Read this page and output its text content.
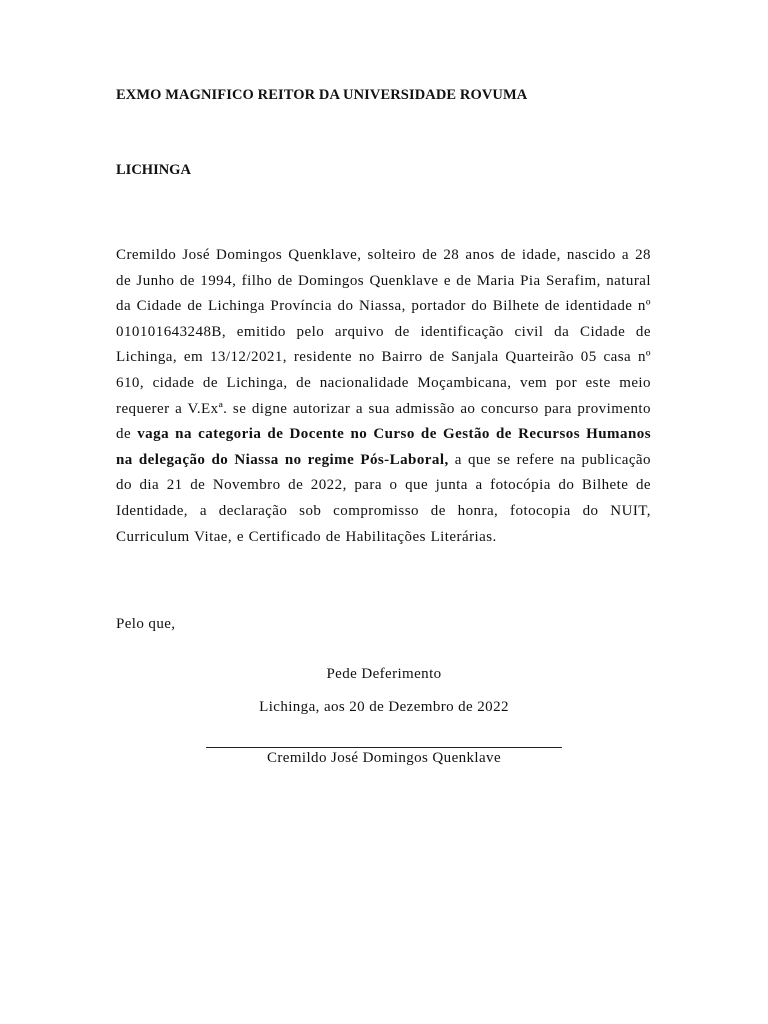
EXMO MAGNIFICO REITOR DA UNIVERSIDADE ROVUMA
LICHINGA

Cremildo José Domingos Quenklave, solteiro de 28 anos de idade, nascido a 28 de Junho de 1994, filho de Domingos Quenklave e de Maria Pia Serafim, natural da Cidade de Lichinga Província do Niassa, portador do Bilhete de identidade nº 010101643248B, emitido pelo arquivo de identificação civil da Cidade de Lichinga, em 13/12/2021, residente no Bairro de Sanjala Quarteirão 05 casa nº 610, cidade de Lichinga, de nacionalidade Moçambicana, vem por este meio requerer a V.Exª. se digne autorizar a sua admissão ao concurso para provimento de vaga na categoria de Docente no Curso de Gestão de Recursos Humanos na delegação do Niassa no regime Pós-Laboral, a que se refere na publicação do dia 21 de Novembro de 2022, para o que junta a fotocópia do Bilhete de Identidade, a declaração sob compromisso de honra, fotocopia do NUIT, Curriculum Vitae, e Certificado de Habilitações Literárias.

Pelo que,
Pede Deferimento
Lichinga, aos 20 de Dezembro de 2022
Cremildo José Domingos Quenklave
